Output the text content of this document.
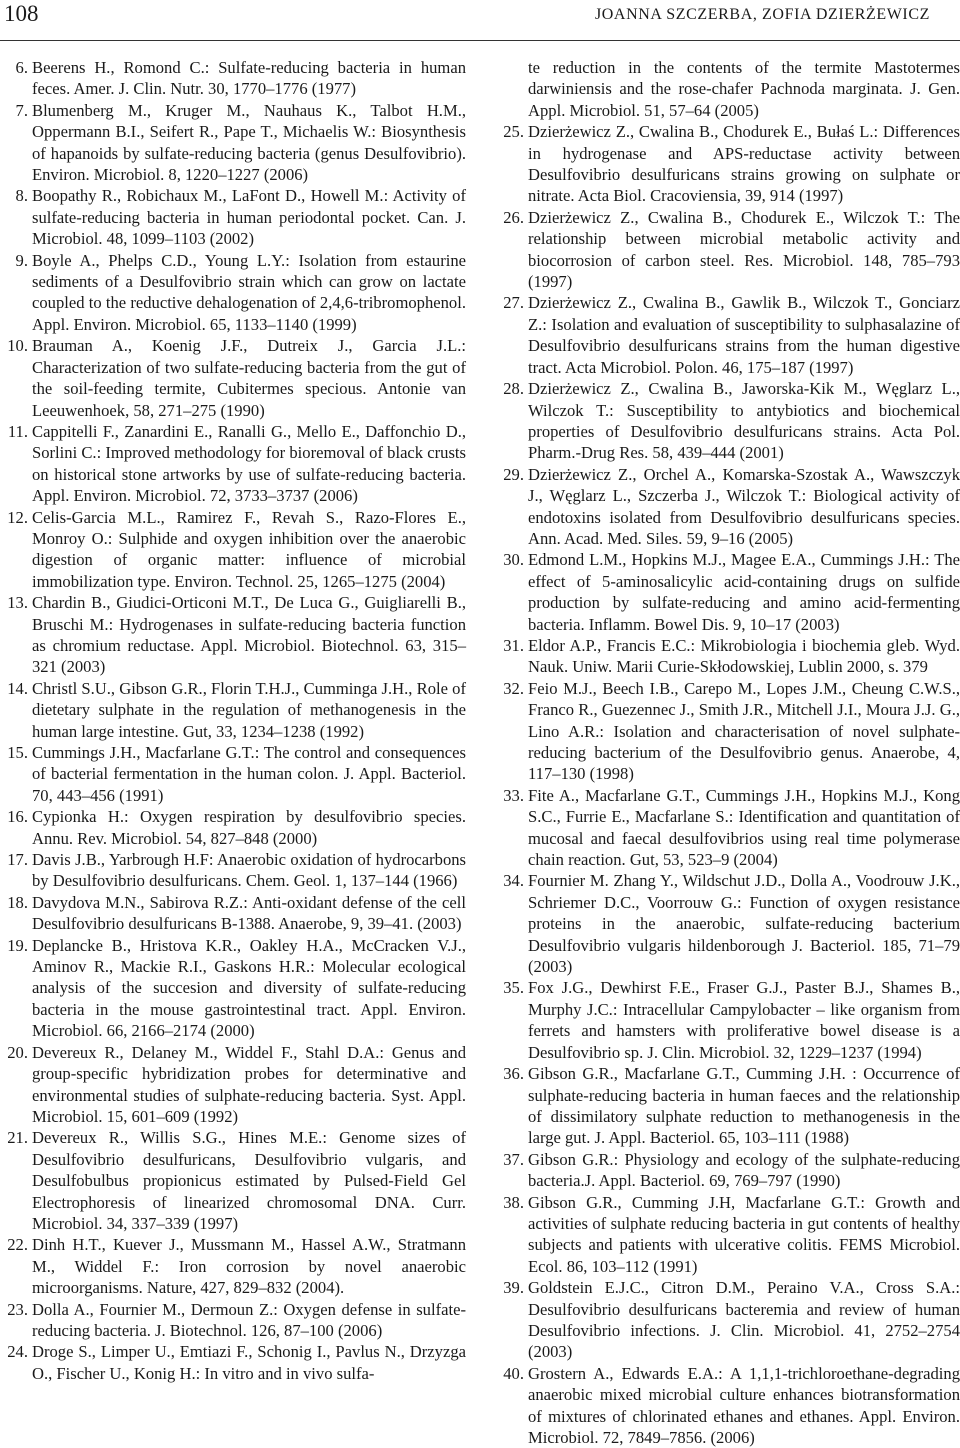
108	JOANNA SZCZERBA, ZOFIA DZIERŻEWICZ
6. Beerens H., Romond C.: Sulfate-reducing bacteria in human feces. Amer. J. Clin. Nutr. 30, 1770–1776 (1977)
7. Blumenberg M., Kruger M., Nauhaus K., Talbot H.M., Oppermann B.I., Seifert R., Pape T., Michaelis W.: Biosynthesis of hapanoids by sulfate-reducing bacteria (genus Desulfovibrio). Environ. Microbiol. 8, 1220–1227 (2006)
8. Boopathy R., Robichaux M., LaFont D., Howell M.: Activity of sulfate-reducing bacteria in human periodontal pocket. Can. J. Microbiol. 48, 1099–1103 (2002)
9. Boyle A., Phelps C.D., Young L.Y.: Isolation from estaurine sediments of a Desulfovibrio strain which can grow on lactate coupled to the reductive dehalogenation of 2,4,6-tribromophenol. Appl. Environ. Microbiol. 65, 1133–1140 (1999)
10. Brauman A., Koenig J.F., Dutreix J., Garcia J.L.: Characterization of two sulfate-reducing bacteria from the gut of the soil-feeding termite, Cubitermes specious. Antonie van Leeuwenhoek, 58, 271–275 (1990)
11. Cappitelli F., Zanardini E., Ranalli G., Mello E., Daffonchio D., Sorlini C.: Improved methodology for bioremoval of black crusts on historical stone artworks by use of sulfate-reducing bacteria. Appl. Environ. Microbiol. 72, 3733–3737 (2006)
12. Celis-Garcia M.L., Ramirez F., Revah S., Razo-Flores E., Monroy O.: Sulphide and oxygen inhibition over the anaerobic digestion of organic matter: influence of microbial immobilization type. Environ. Technol. 25, 1265–1275 (2004)
13. Chardin B., Giudici-Orticoni M.T., De Luca G., Guigliarelli B., Bruschi M.: Hydrogenases in sulfate-reducing bacteria function as chromium reductase. Appl. Microbiol. Biotechnol. 63, 315–321 (2003)
14. Christl S.U., Gibson G.R., Florin T.H.J., Cumminga J.H., Role of dietetary sulphate in the regulation of methanogenesis in the human large intestine. Gut, 33, 1234–1238 (1992)
15. Cummings J.H., Macfarlane G.T.: The control and consequences of bacterial fermentation in the human colon. J. Appl. Bacteriol. 70, 443–456 (1991)
16. Cypionka H.: Oxygen respiration by desulfovibrio species. Annu. Rev. Microbiol. 54, 827–848 (2000)
17. Davis J.B., Yarbrough H.F: Anaerobic oxidation of hydrocarbons by Desulfovibrio desulfuricans. Chem. Geol. 1, 137–144 (1966)
18. Davydova M.N., Sabirova R.Z.: Anti-oxidant defense of the cell Desulfovibrio desulfuricans B-1388. Anaerobe, 9, 39–41. (2003)
19. Deplancke B., Hristova K.R., Oakley H.A., McCracken V.J., Aminov R., Mackie R.I., Gaskons H.R.: Molecular ecological analysis of the succesion and diversity of sulfate-reducing bacteria in the mouse gastrointestinal tract. Appl. Environ. Microbiol. 66, 2166–2174 (2000)
20. Devereux R., Delaney M., Widdel F., Stahl D.A.: Genus and group-specific hybridization probes for determinative and environmental studies of sulphate-reducing bacteria. Syst. Appl. Microbiol. 15, 601–609 (1992)
21. Devereux R., Willis S.G., Hines M.E.: Genome sizes of Desulfovibrio desulfuricans, Desulfovibrio vulgaris, and Desulfobulbus propionicus estimated by Pulsed-Field Gel Electrophoresis of linearized chromosomal DNA. Curr. Microbiol. 34, 337–339 (1997)
22. Dinh H.T., Kuever J., Mussmann M., Hassel A.W., Stratmann M., Widdel F.: Iron corrosion by novel anaerobic microorganisms. Nature, 427, 829–832 (2004).
23. Dolla A., Fournier M., Dermoun Z.: Oxygen defense in sulfate-reducing bacteria. J. Biotechnol. 126, 87–100 (2006)
24. Droge S., Limper U., Emtiazi F., Schonig I., Pavlus N., Drzyzga O., Fischer U., Konig H.: In vitro and in vivo sulfa-
te reduction in the contents of the termite Mastotermes darwiniensis and the rose-chafer Pachnoda marginata. J. Gen. Appl. Microbiol. 51, 57–64 (2005)
25. Dzierżewicz Z., Cwalina B., Chodurek E., Bułaś L.: Differences in hydrogenase and APS-reductase activity between Desulfovibrio desulfuricans strains growing on sulphate or nitrate. Acta Biol. Cracoviensia, 39, 914 (1997)
26. Dzierżewicz Z., Cwalina B., Chodurek E., Wilczok T.: The relationship between microbial metabolic activity and biocorrosion of carbon steel. Res. Microbiol. 148, 785–793 (1997)
27. Dzierżewicz Z., Cwalina B., Gawlik B., Wilczok T., Gonciarz Z.: Isolation and evaluation of susceptibility to sulphasalazine of Desulfovibrio desulfuricans strains from the human digestive tract. Acta Microbiol. Polon. 46, 175–187 (1997)
28. Dzierżewicz Z., Cwalina B., Jaworska-Kik M., Węglarz L., Wilczok T.: Susceptibility to antybiotics and biochemical properties of Desulfovibrio desulfuricans strains. Acta Pol. Pharm.-Drug Res. 58, 439–444 (2001)
29. Dzierżewicz Z., Orchel A., Komarska-Szostak A., Wawszczyk J., Węglarz L., Szczerba J., Wilczok T.: Biological activity of endotoxins isolated from Desulfovibrio desulfuricans species. Ann. Acad. Med. Siles. 59, 9–16 (2005)
30. Edmond L.M., Hopkins M.J., Magee E.A., Cummings J.H.: The effect of 5-aminosalicylic acid-containing drugs on sulfide production by sulfate-reducing and amino acid-fermenting bacteria. Inflamm. Bowel Dis. 9, 10–17 (2003)
31. Eldor A.P., Francis E.C.: Mikrobiologia i biochemia gleb. Wyd. Nauk. Uniw. Marii Curie-Skłodowskiej, Lublin 2000, s. 379
32. Feio M.J., Beech I.B., Carepo M., Lopes J.M., Cheung C.W.S., Franco R., Guezennec J., Smith J.R., Mitchell J.I., Moura J.J. G., Lino A.R.: Isolation and characterisation of novel sulphate-reducing bacterium of the Desulfovibrio genus. Anaerobe, 4, 117–130 (1998)
33. Fite A., Macfarlane G.T., Cummings J.H., Hopkins M.J., Kong S.C., Furrie E., Macfarlane S.: Identification and quantitation of mucosal and faecal desulfovibrios using real time polymerase chain reaction. Gut, 53, 523–9 (2004)
34. Fournier M. Zhang Y., Wildschut J.D., Dolla A., Voodrouw J.K., Schriemer D.C., Voorrouw G.: Function of oxygen resistance proteins in the anaerobic, sulfate-reducing bacterium Desulfovibrio vulgaris hildenborough J. Bacteriol. 185, 71–79 (2003)
35. Fox J.G., Dewhirst F.E., Fraser G.J., Paster B.J., Shames B., Murphy J.C.: Intracellular Campylobacter – like organism from ferrets and hamsters with proliferative bowel disease is a Desulfovibrio sp. J. Clin. Microbiol. 32, 1229–1237 (1994)
36. Gibson G.R., Macfarlane G.T., Cumming J.H. : Occurrence of sulphate-reducing bacteria in human faeces and the relationship of dissimilatory sulphate reduction to methanogenesis in the large gut. J. Appl. Bacteriol. 65, 103–111 (1988)
37. Gibson G.R.: Physiology and ecology of the sulphate-reducing bacteria.J. Appl. Bacteriol. 69, 769–797 (1990)
38. Gibson G.R., Cumming J.H, Macfarlane G.T.: Growth and activities of sulphate reducing bacteria in gut contents of healthy subjects and patients with ulcerative colitis. FEMS Microbiol. Ecol. 86, 103–112 (1991)
39. Goldstein E.J.C., Citron D.M., Peraino V.A., Cross S.A.: Desulfovibrio desulfuricans bacteremia and review of human Desulfovibrio infections. J. Clin. Microbiol. 41, 2752–2754 (2003)
40. Grostern A., Edwards E.A.: A 1,1,1-trichloroethane-degrading anaerobic mixed microbial culture enhances biotransformation of mixtures of chlorinated ethanes and ethanes. Appl. Environ. Microbiol. 72, 7849–7856. (2006)
